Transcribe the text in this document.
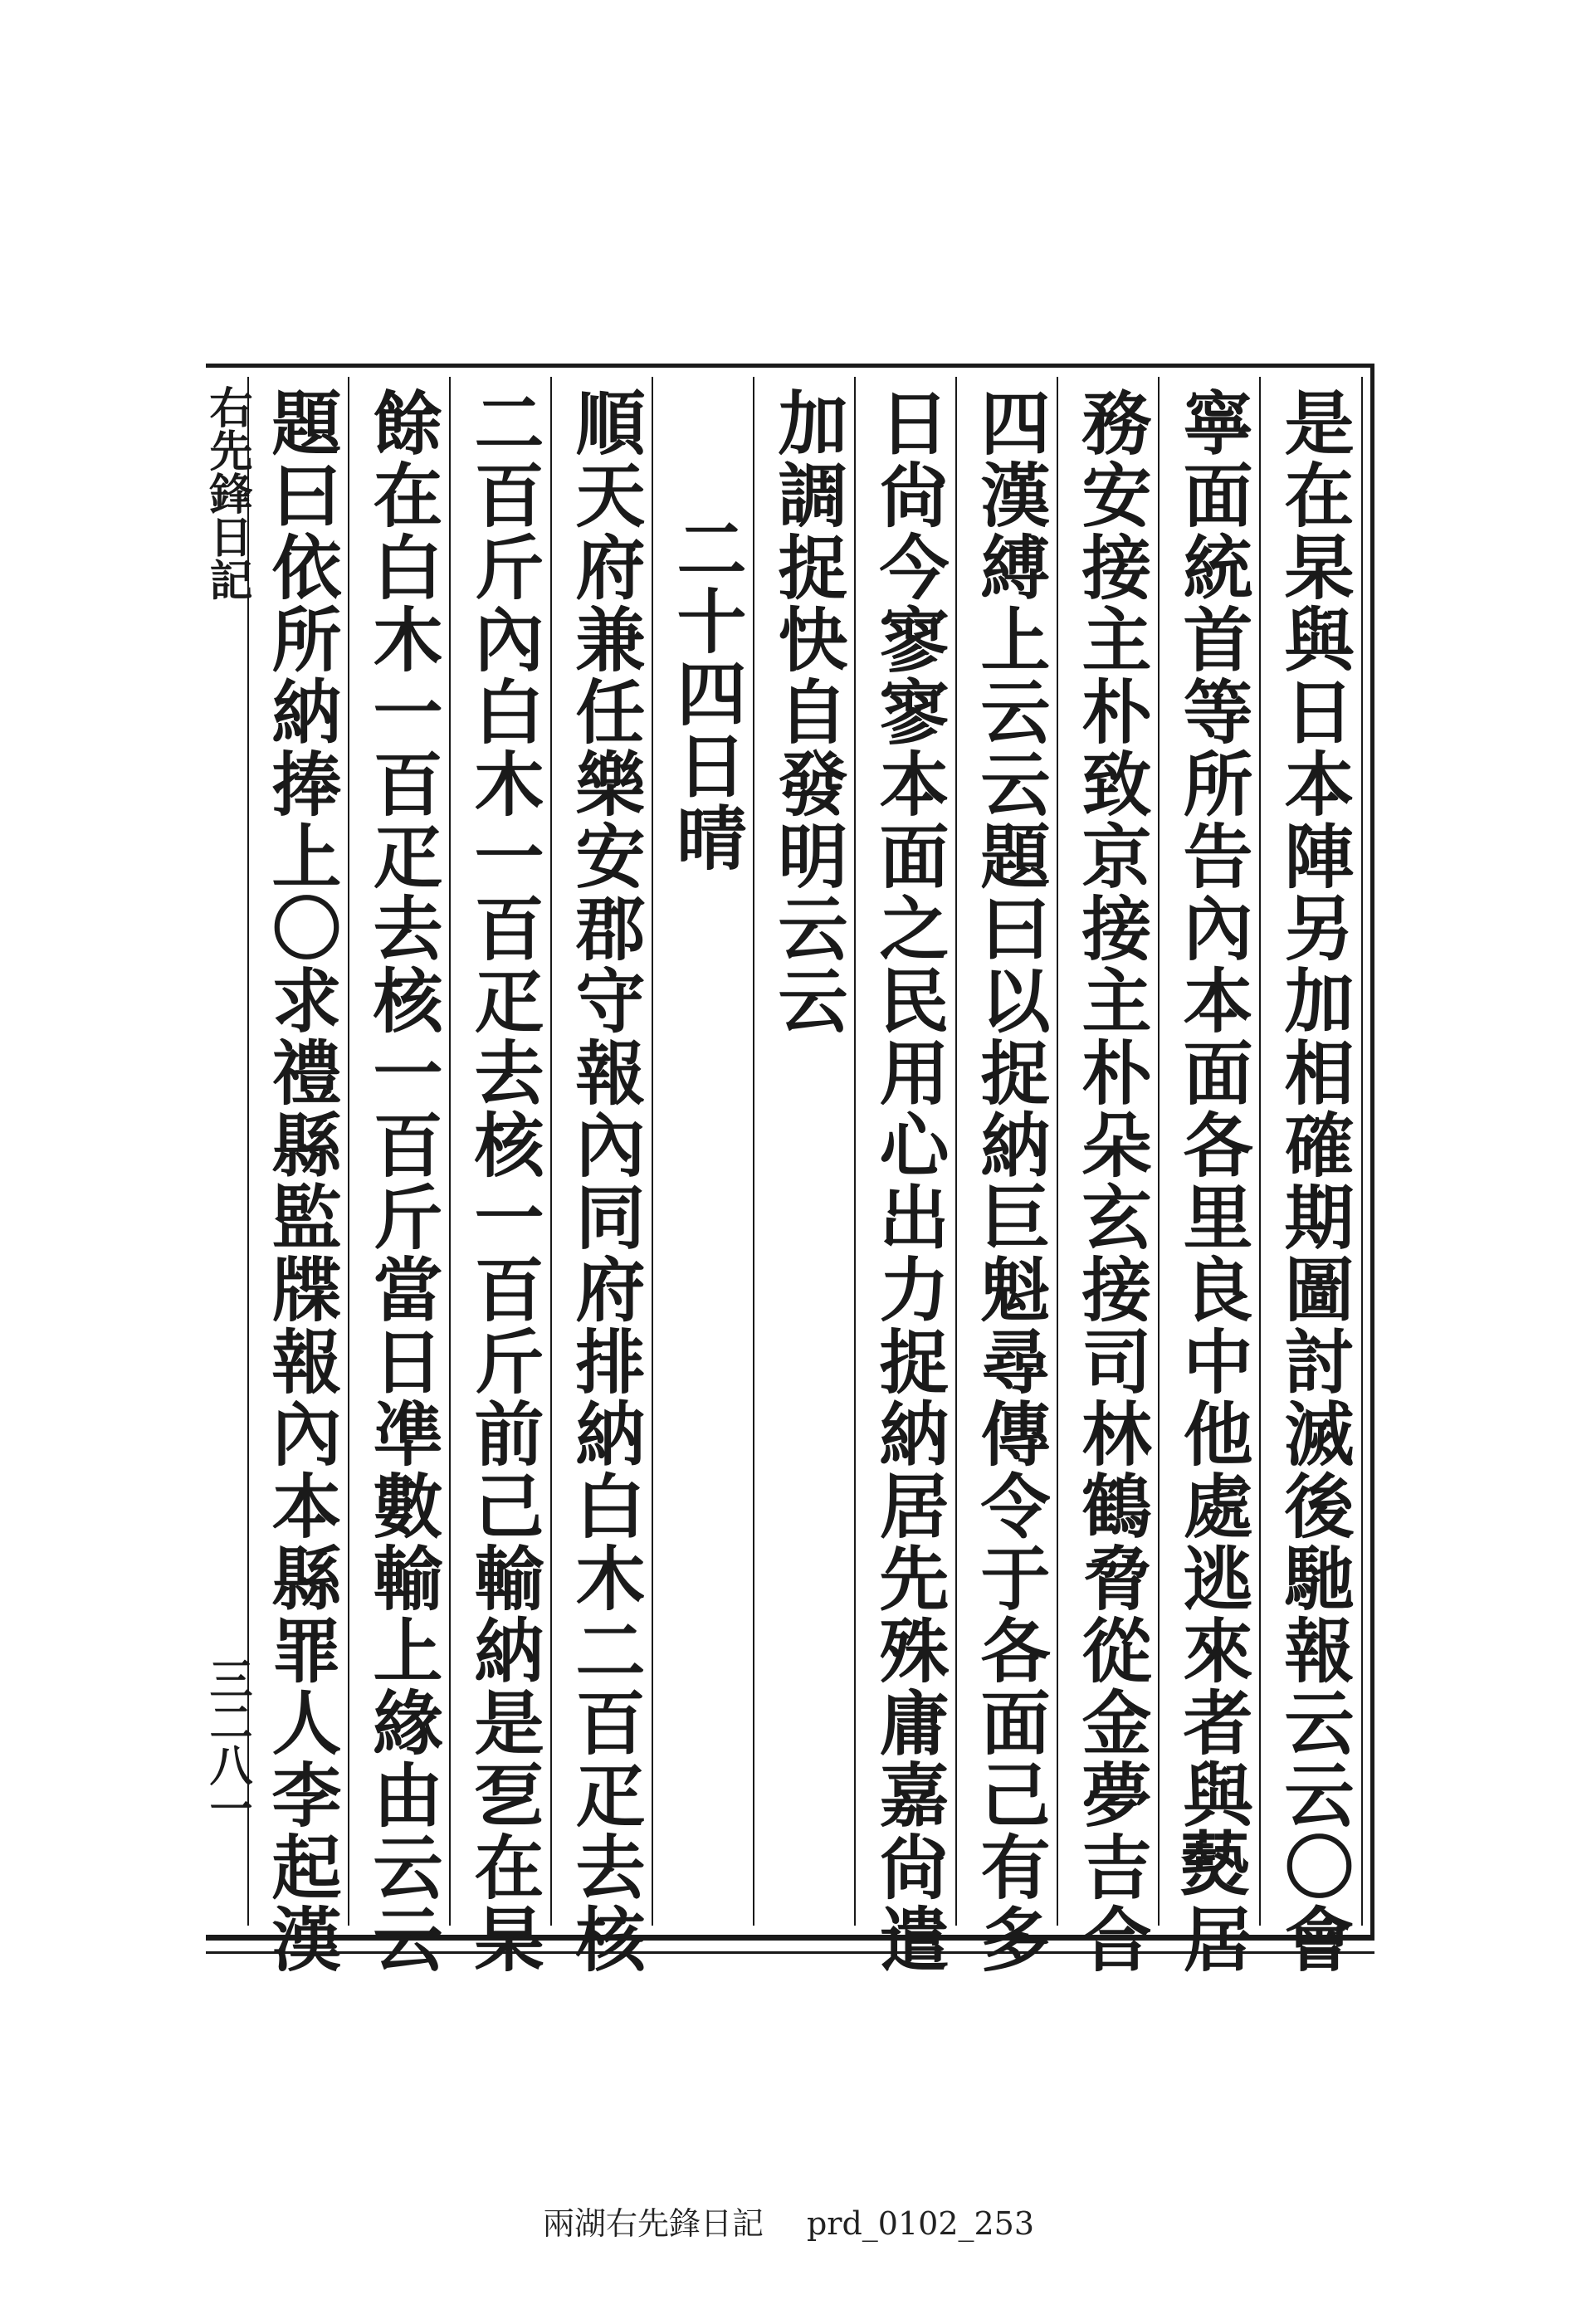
是在杲與日本陣另加相確期圖討滅後馳報云云〇會
寧面統首等所告內本面各里良中他處逃來者與𤑔居
務安接主朴致京接主朴朵玄接司林鶴脅從金夢吉合
四漢縛上云云題曰以捉納巨魁尋傳令于各面己有多
日尙今寥寥本面之民用心出力捉納居先殊庸嘉尙遣
加調捉快自發明云云
二十四日晴
順天府兼任樂安郡守報內同府排納白木二百疋去核
二百斤內白木一百疋去核一百斤前己輸納是乭在杲
餘在白木一百疋去核一百斤當日凖數輸上緣由云云
題曰依所納捧上〇求禮縣監牒報內本縣罪人李起漢
右先鋒日記
三二八一
兩湖右先鋒日記 prd_0102_253
